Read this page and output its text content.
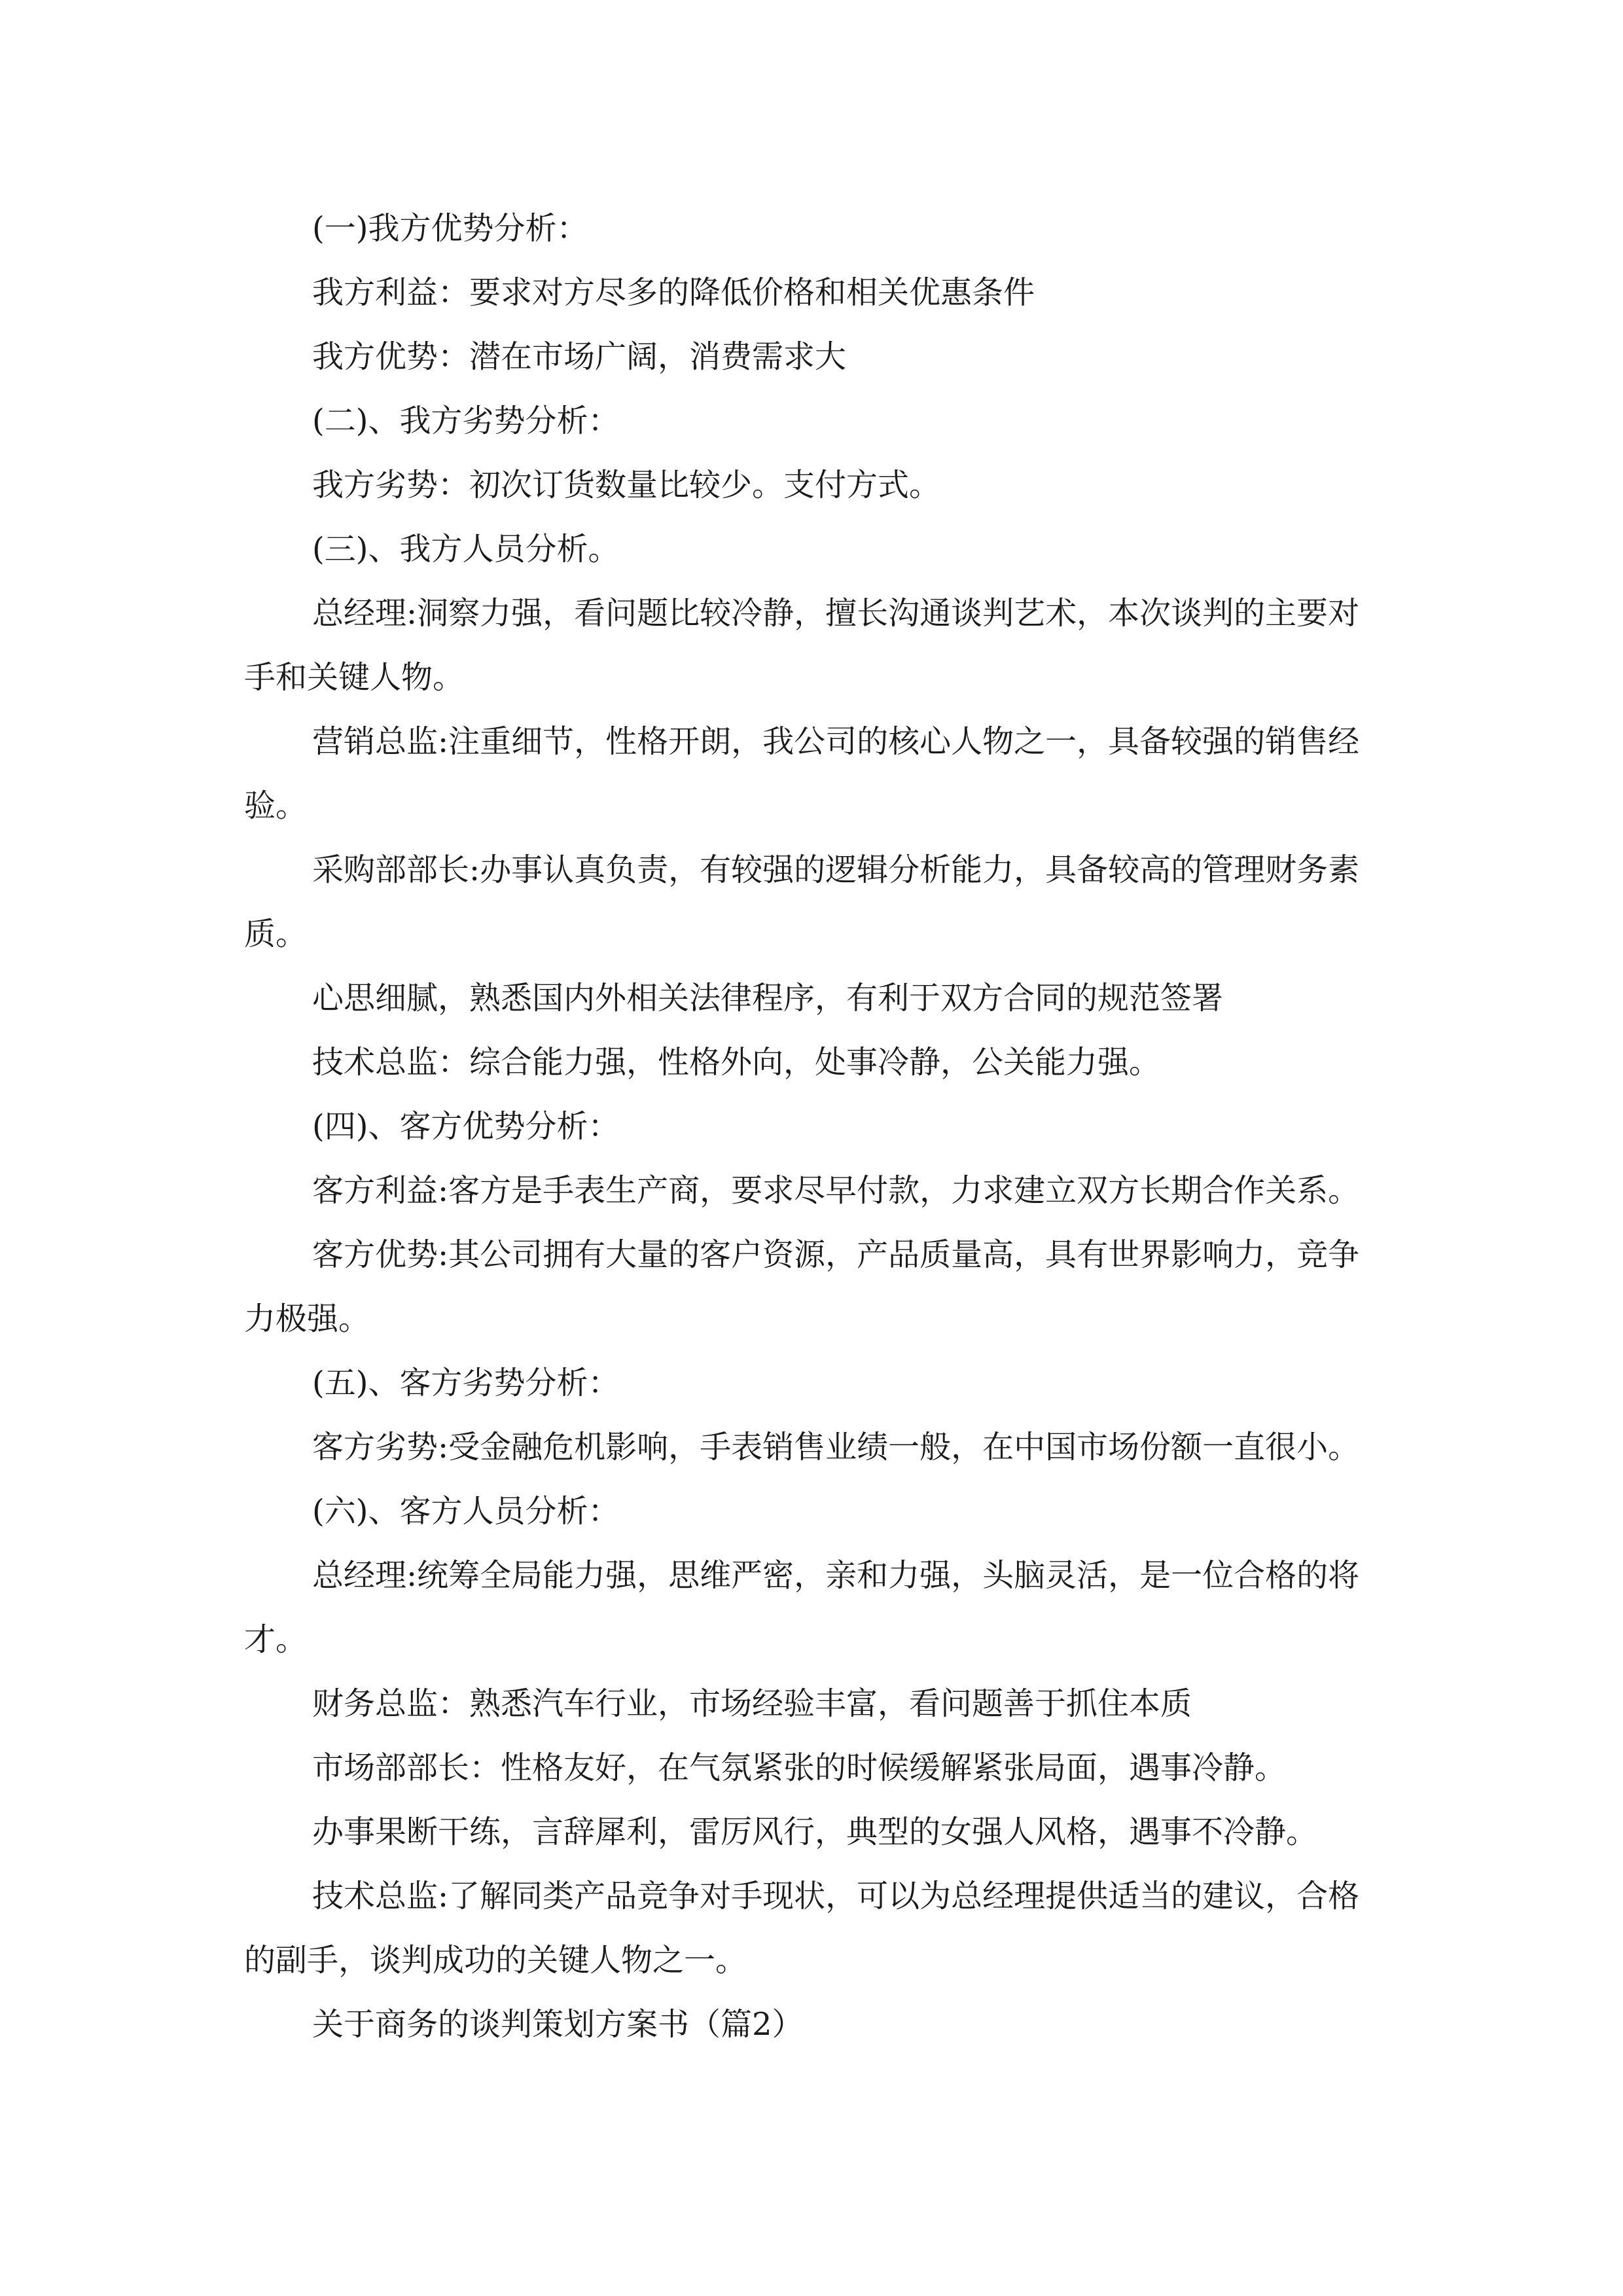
(一)我方优势分析：

我方利益：要求对方尽多的降低价格和相关优惠条件

我方优势：潜在市场广阔，消费需求大

(二)、我方劣势分析：

我方劣势：初次订货数量比较少。支付方式。

(三)、我方人员分析。

总经理:洞察力强，看问题比较冷静，擅长沟通谈判艺术，本次谈判的主要对手和关键人物。

营销总监:注重细节，性格开朗，我公司的核心人物之一，具备较强的销售经验。

采购部部长:办事认真负责，有较强的逻辑分析能力，具备较高的管理财务素质。

心思细腻，熟悉国内外相关法律程序，有利于双方合同的规范签署

技术总监：综合能力强，性格外向，处事冷静，公关能力强。

(四)、客方优势分析：

客方利益:客方是手表生产商，要求尽早付款，力求建立双方长期合作关系。

客方优势:其公司拥有大量的客户资源，产品质量高，具有世界影响力，竞争力极强。

(五)、客方劣势分析：

客方劣势:受金融危机影响，手表销售业绩一般，在中国市场份额一直很小。

(六)、客方人员分析：

总经理:统筹全局能力强，思维严密，亲和力强，头脑灵活，是一位合格的将才。

财务总监：熟悉汽车行业，市场经验丰富，看问题善于抓住本质

市场部部长：性格友好，在气氛紧张的时候缓解紧张局面，遇事冷静。

办事果断干练，言辞犀利，雷厉风行，典型的女强人风格，遇事不冷静。

技术总监:了解同类产品竞争对手现状，可以为总经理提供适当的建议，合格的副手，谈判成功的关键人物之一。

关于商务的谈判策划方案书（篇2）
